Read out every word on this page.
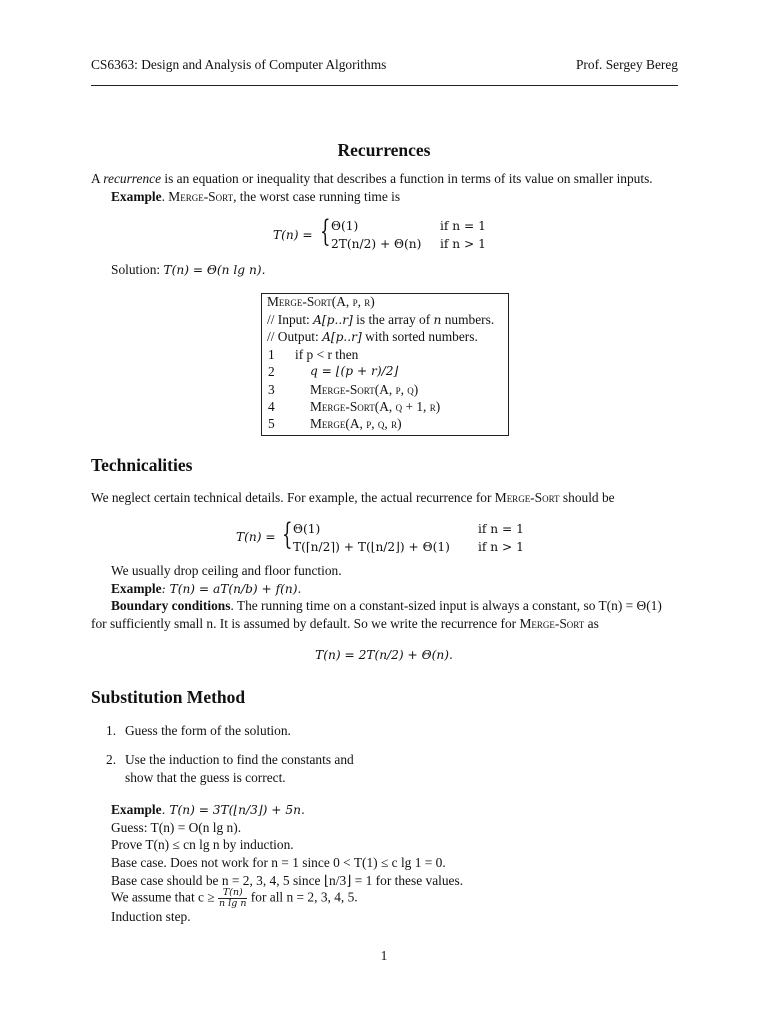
CS6363: Design and Analysis of Computer Algorithms	Prof. Sergey Bereg
Recurrences
A recurrence is an equation or inequality that describes a function in terms of its value on smaller inputs.
Example. Merge-Sort, the worst case running time is
T(n) = { Θ(1)	if n = 1
2T(n/2) + Θ(n) if n > 1
Solution: T(n) = Θ(n lg n).
Merge-Sort(A, p, r)
// Input: A[p..r] is the array of n numbers.
// Output: A[p..r] with sorted numbers.
1 if p < r then
2	q = ⌊(p + r)/2⌋
3	Merge-Sort(A, p, q)
4	Merge-Sort(A, q + 1, r)
5	Merge(A, p, q, r)
Technicalities
We neglect certain technical details. For example, the actual recurrence for Merge-Sort should be
T(n) = { Θ(1)	if n = 1
T(⌈n/2⌉) + T(⌊n/2⌋) + Θ(1) if n > 1
We usually drop ceiling and floor function.
Example: T(n) = aT(n/b) + f(n).
Boundary conditions. The running time on a constant-sized input is always a constant, so T(n) = Θ(1)
for sufficiently small n. It is assumed by default. So we write the recurrence for Merge-Sort as
T(n) = 2T(n/2) + Θ(n).
Substitution Method
1. Guess the form of the solution.
2. Use the induction to find the constants and
show that the guess is correct.
Example. T(n) = 3T(⌊n/3⌋) + 5n.
Guess: T(n) = O(n lg n).
Prove T(n) ≤ cn lg n by induction.
Base case. Does not work for n = 1 since 0 < T(1) ≤ c lg 1 = 0.
Base case should be n = 2, 3, 4, 5 since ⌊n/3⌋ = 1 for these values.
We assume that $c \ge \frac{T(n)}{\text{n lg n}}$ for all n = 2, 3, 4, 5.
Induction step.
1
